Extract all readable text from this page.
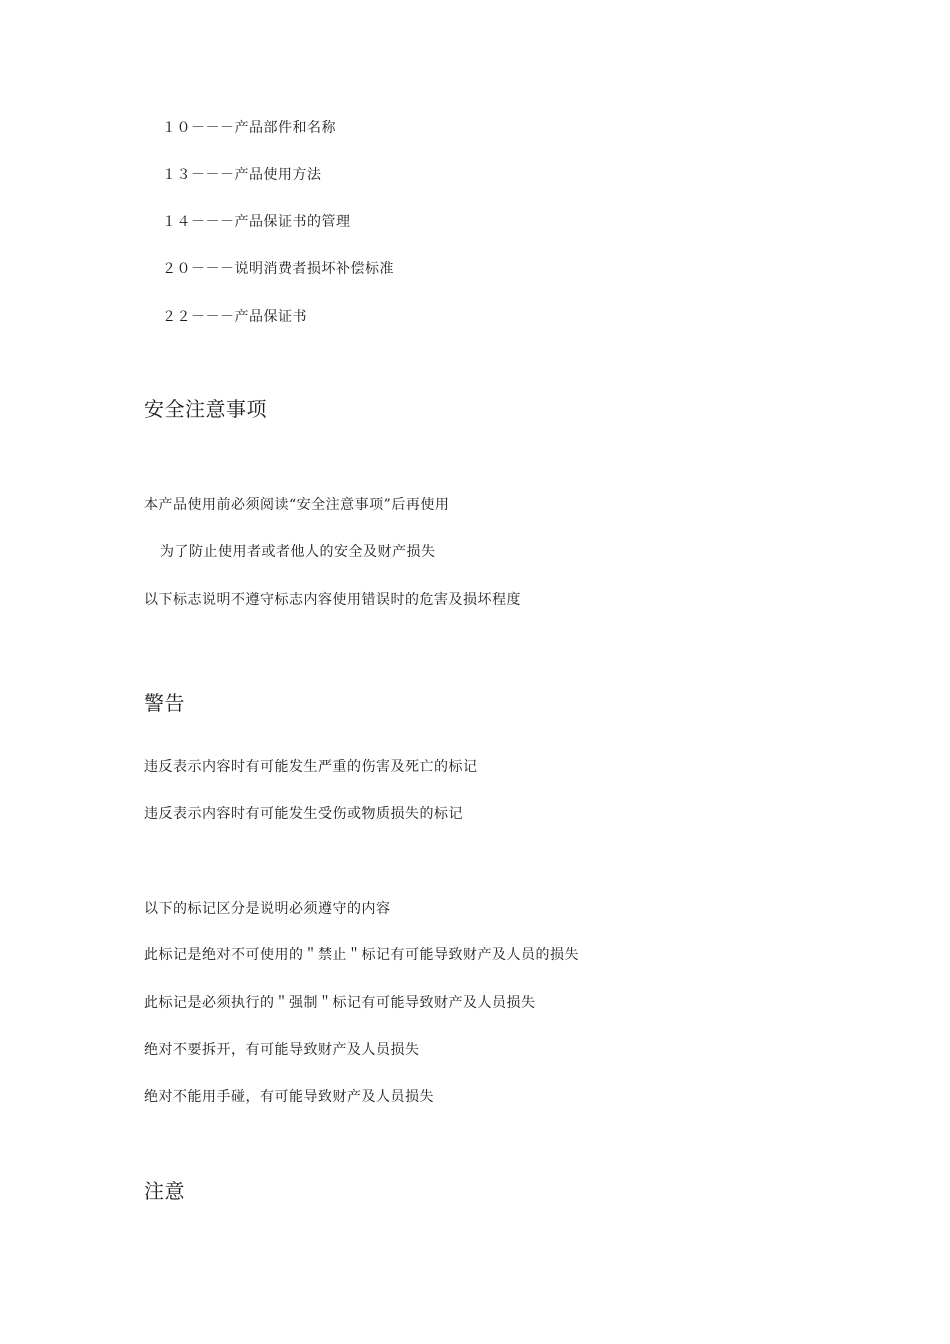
１０－－－产品部件和名称
１３－－－产品使用方法
１４－－－产品保证书的管理
２０－－－说明消费者损坏补偿标准
２２－－－产品保证书
安全注意事项
本产品使用前必须阅读“安全注意事项”后再使用
为了防止使用者或者他人的安全及财产损失
以下标志说明不遵守标志内容使用错误时的危害及损坏程度
警告
违反表示内容时有可能发生严重的伤害及死亡的标记
违反表示内容时有可能发生受伤或物质损失的标记
以下的标记区分是说明必须遵守的内容
此标记是绝对不可使用的＂禁止＂标记有可能导致财产及人员的损失
此标记是必须执行的＂强制＂标记有可能导致财产及人员损失
绝对不要拆开，有可能导致财产及人员损失
绝对不能用手碰，有可能导致财产及人员损失
注意
